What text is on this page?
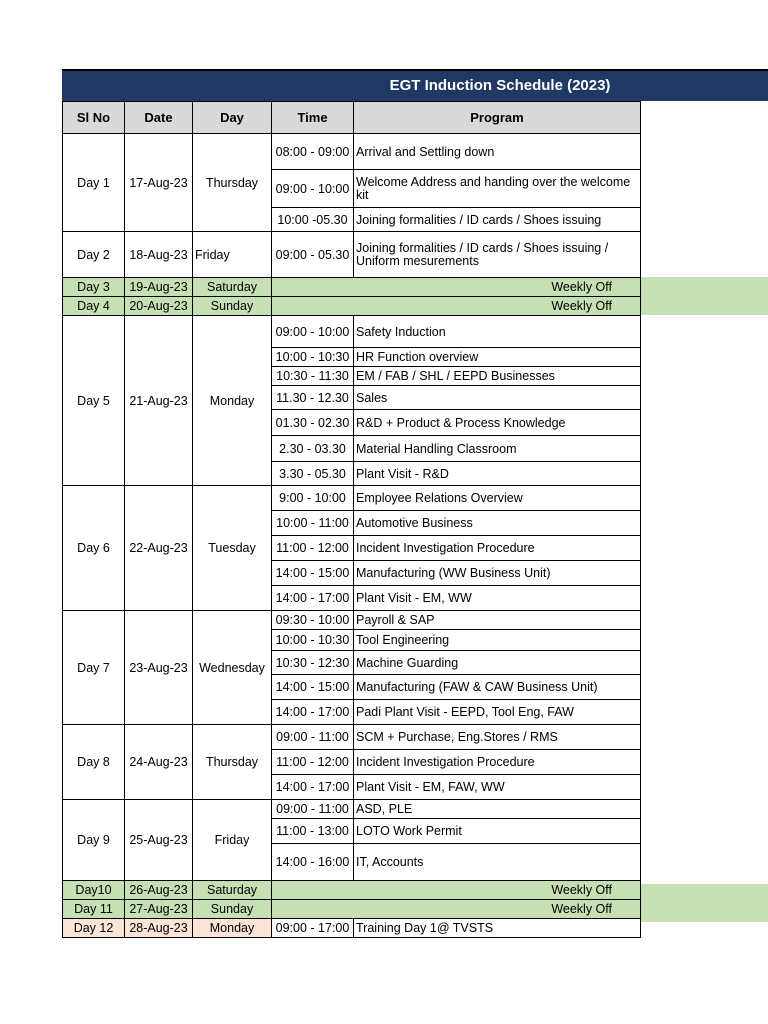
EGT Induction Schedule (2023)
Sl No	Date	Day	Time	Program
Day 1	17-Aug-23	Thursday	08:00 - 09:00	Arrival and Settling down
			09:00 - 10:00	Welcome Address and handing over the welcome kit
			10:00 -05.30	Joining formalities / ID cards / Shoes issuing
Day 2	18-Aug-23	Friday	09:00 - 05.30	Joining formalities / ID cards / Shoes issuing / Uniform mesurements
Day 3	19-Aug-23	Saturday	Weekly Off	
Day 4	20-Aug-23	Sunday	Weekly Off	
Day 5	21-Aug-23	Monday	09:00 - 10:00	Safety Induction
			10:00 - 10:30	HR Function overview
			10:30 - 11:30	EM / FAB / SHL / EEPD Businesses
			11.30 - 12.30	Sales
			01.30 - 02.30	R&D + Product & Process Knowledge
			2.30 - 03.30	Material Handling Classroom
			3.30 - 05.30	Plant Visit - R&D
Day 6	22-Aug-23	Tuesday	9:00 - 10:00	Employee Relations Overview
			10:00 - 11:00	Automotive Business
			11:00 - 12:00	Incident Investigation Procedure
			14:00 - 15:00	Manufacturing (WW Business Unit)
			14:00 - 17:00	Plant Visit - EM, WW
Day 7	23-Aug-23	Wednesday	09:30 - 10:00	Payroll & SAP
			10:00 - 10:30	Tool Engineering
			10:30 - 12:30	Machine Guarding
			14:00 - 15:00	Manufacturing (FAW & CAW Business Unit)
			14:00 - 17:00	Padi Plant Visit - EEPD, Tool Eng, FAW
Day 8	24-Aug-23	Thursday	09:00 - 11:00	SCM + Purchase, Eng.Stores / RMS
			11:00 - 12:00	Incident Investigation Procedure
			14:00 - 17:00	Plant Visit - EM, FAW, WW
Day 9	25-Aug-23	Friday	09:00 - 11:00	ASD, PLE
			11:00 - 13:00	LOTO Work Permit
			14:00 - 16:00	IT, Accounts
Day10	26-Aug-23	Saturday	Weekly Off	
Day 11	27-Aug-23	Sunday	Weekly Off	
Day 12	28-Aug-23	Monday	09:00 - 17:00	Training Day 1@ TVSTS
